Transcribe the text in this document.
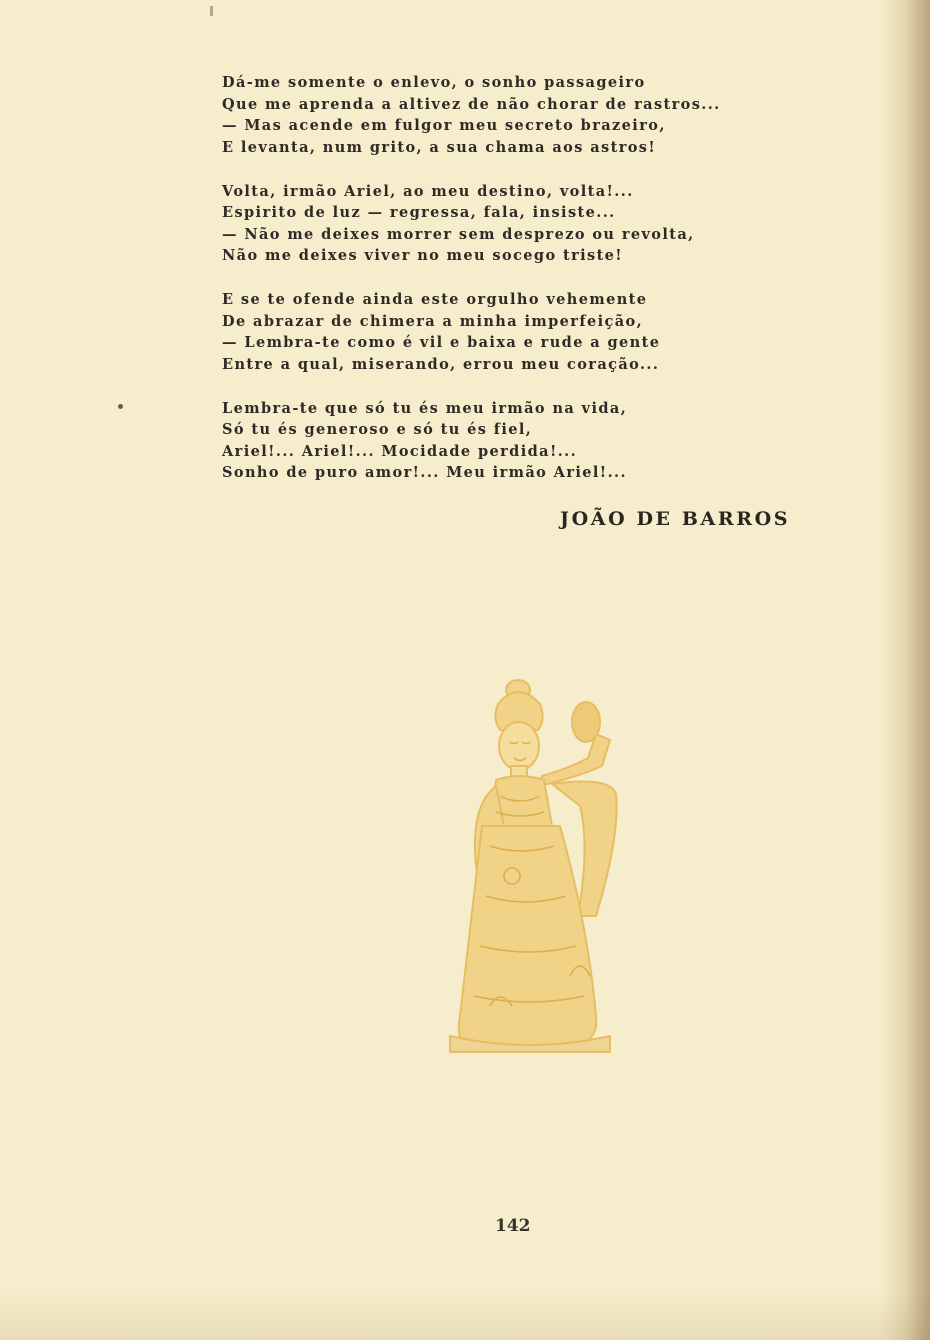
Dá-me somente o enlevo, o sonho passageiro
Que me aprenda a altivez de não chorar de rastros...
— Mas acende em fulgor meu secreto brazeiro,
E levanta, num grito, a sua chama aos astros!
Volta, irmão Ariel, ao meu destino, volta!...
Espirito de luz — regressa, fala, insiste...
— Não me deixes morrer sem desprezo ou revolta,
Não me deixes viver no meu socego triste!
E se te ofende ainda este orgulho vehemente
De abrazar de chimera a minha imperfeição,
— Lembra-te como é vil e baixa e rude a gente
Entre a qual, miserando, errou meu coração...
Lembra-te que só tu és meu irmão na vida,
Só tu és generoso e só tu és fiel,
Ariel!... Ariel!... Mocidade perdida!...
Sonho de puro amor!... Meu irmão Ariel!...
JOÃO DE BARROS
142
